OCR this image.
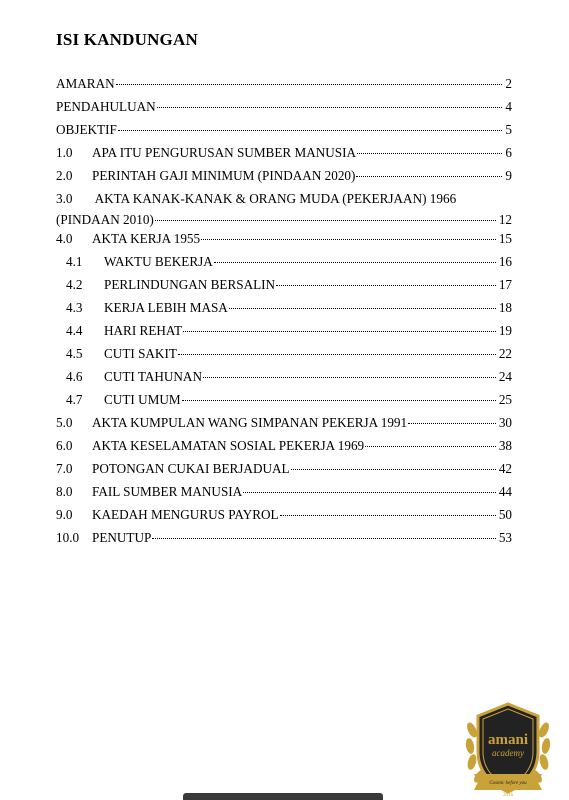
ISI KANDUNGAN
AMARAN	2
PENDAHULUAN	4
OBJEKTIF	5
1.0	APA ITU PENGURUSAN SUMBER MANUSIA	6
2.0	PERINTAH GAJI MINIMUM (PINDAAN 2020)	9
3.0 AKTA KANAK-KANAK & ORANG MUDA (PEKERJAAN) 1966
(PINDAAN 2010)	12
4.0	AKTA KERJA 1955	15
4.1	WAKTU BEKERJA	16
4.2	PERLINDUNGAN BERSALIN	17
4.3	KERJA LEBIH MASA	18
4.4	HARI REHAT	19
4.5	CUTI SAKIT	22
4.6	CUTI TAHUNAN	24
4.7	CUTI UMUM	25
5.0	AKTA KUMPULAN WANG SIMPANAN PEKERJA 1991	30
6.0	AKTA KESELAMATAN SOSIAL PEKERJA 1969	38
7.0	POTONGAN CUKAI BERJADUAL	42
8.0	FAIL SUMBER MANUSIA	44
9.0	KAEDAH MENGURUS PAYROL	50
10.0 PENUTUP	53
amani
academy
Cosmic before you
2016
